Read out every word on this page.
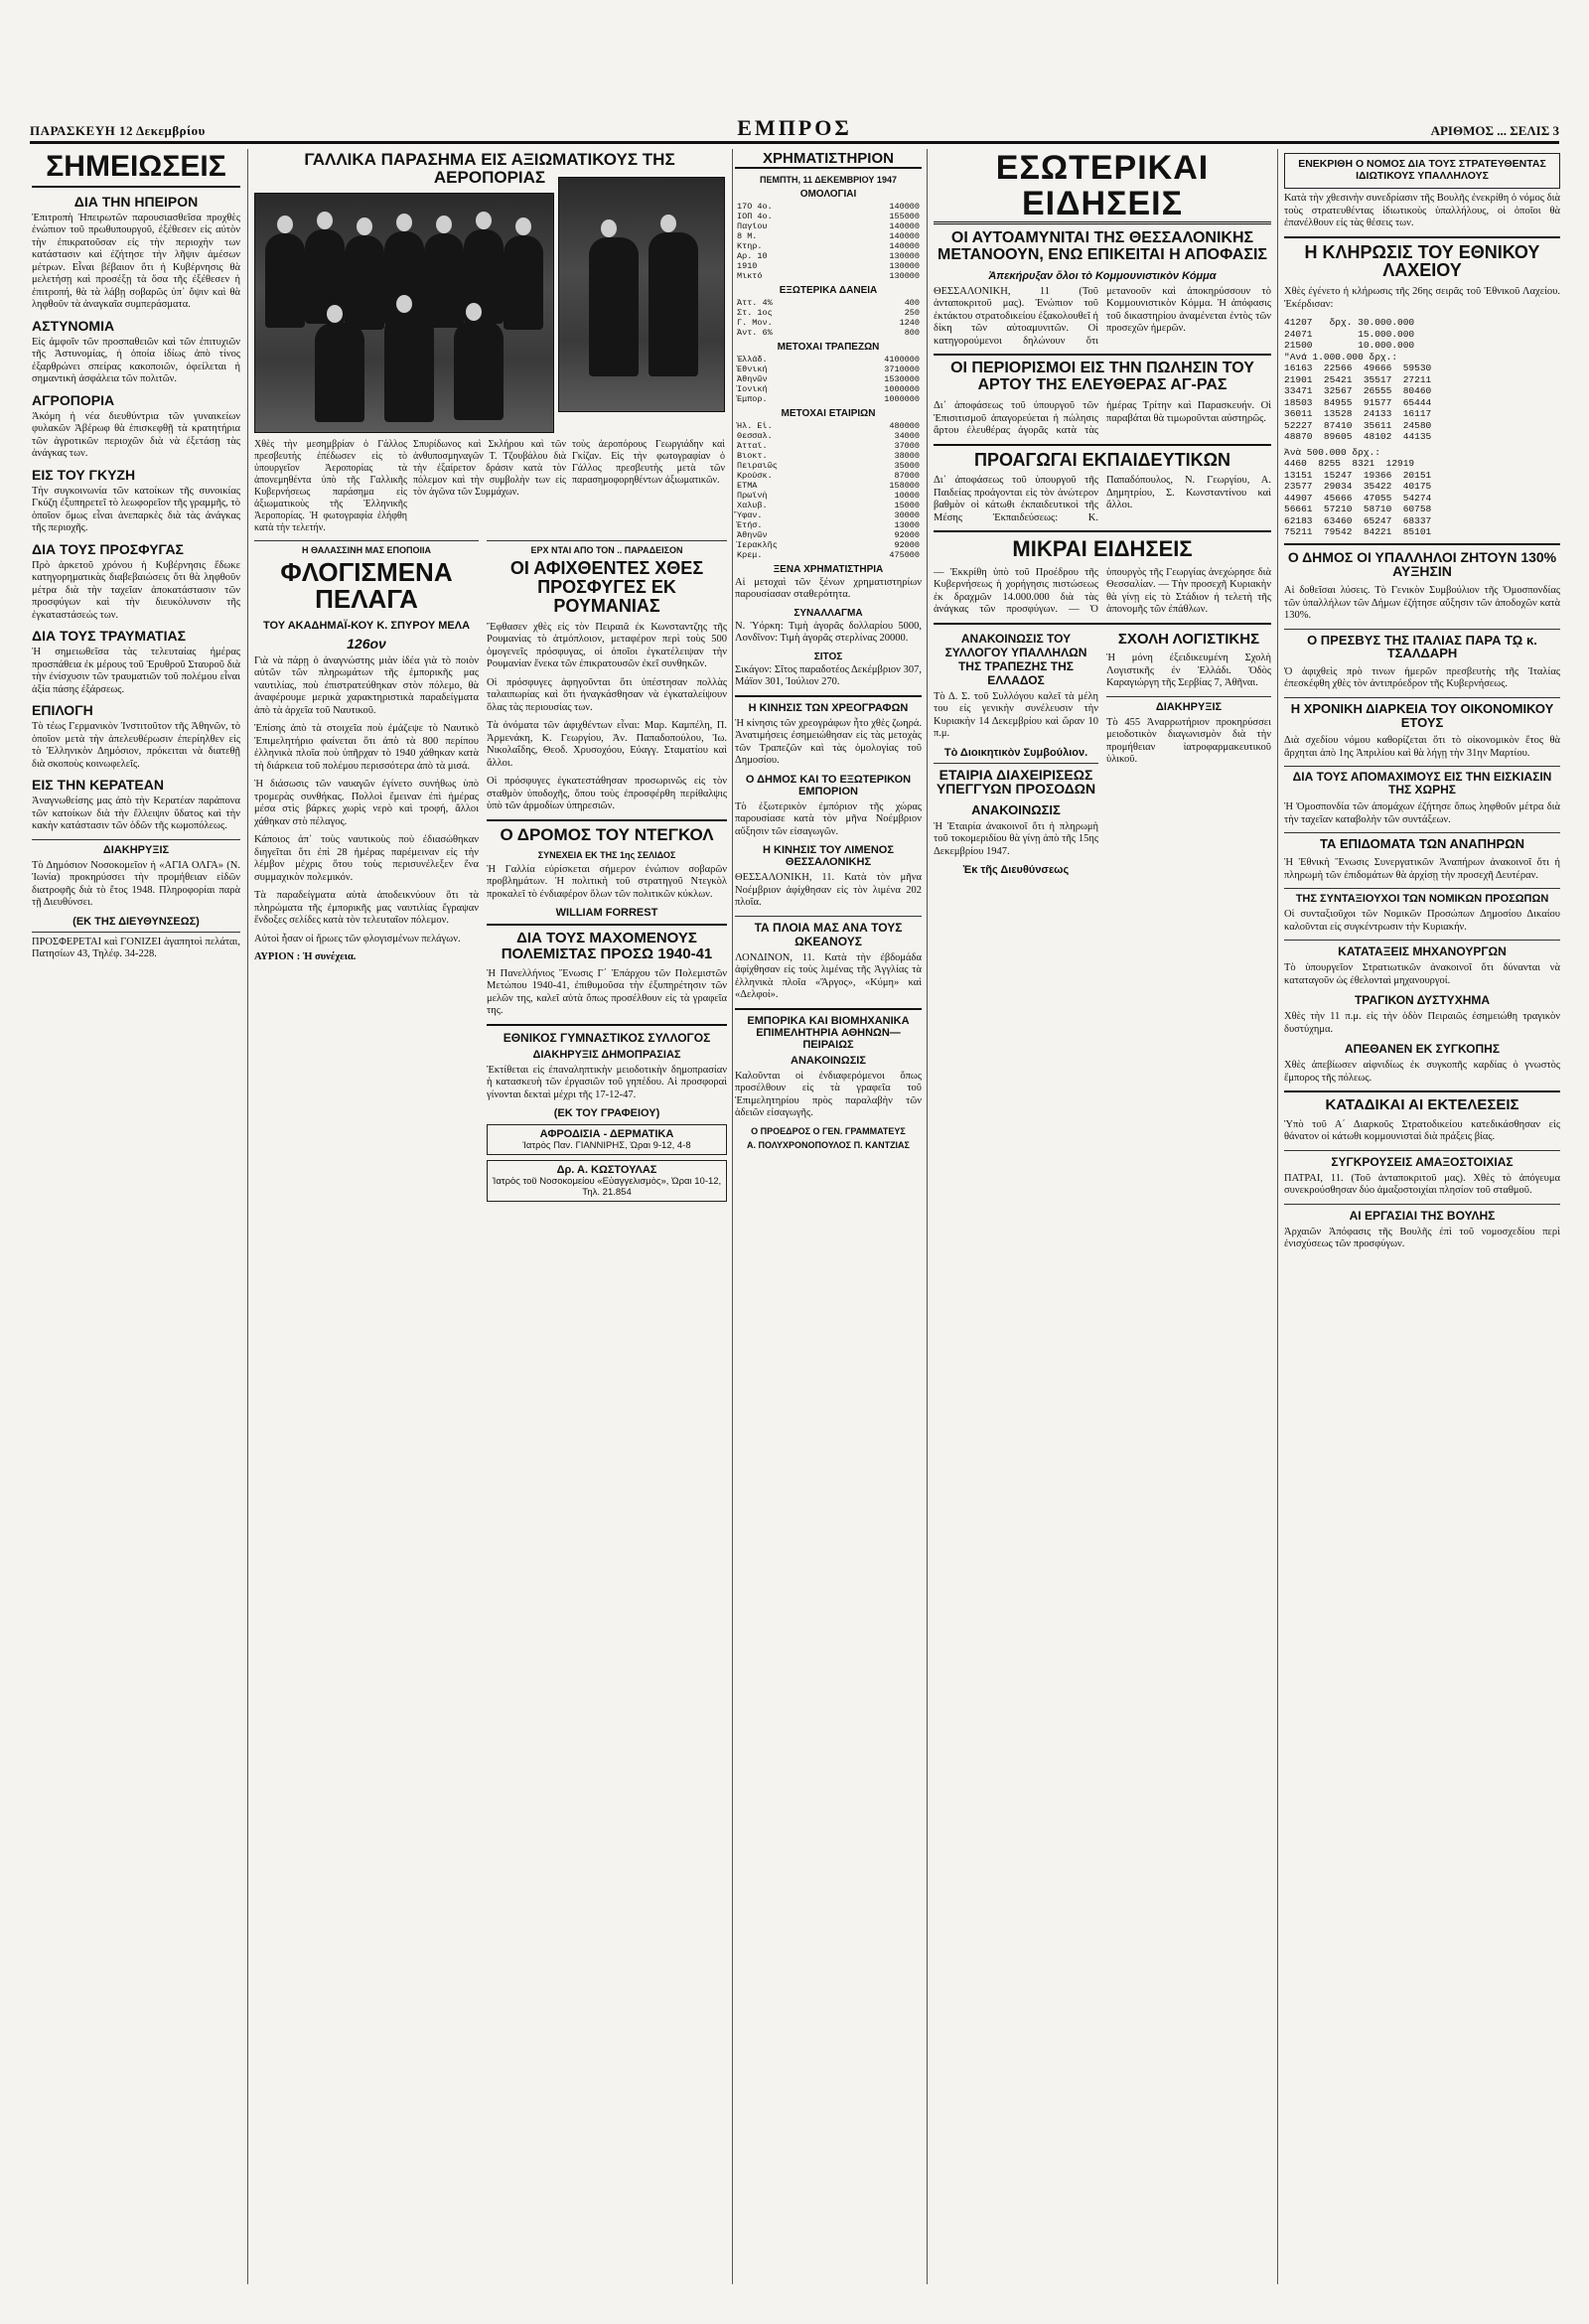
ΠΑΡΑΣΚΕΥΗ 12 Δεκεμβρίου	ΕΜΠΡΟΣ	ΑΡΙΘΜΟΣ ... ΣΕΛΙΣ 3
ΣΗΜΕΙΩΣΕΙΣ
ΔΙΑ ΤΗΝ ΗΠΕΙΡΟΝ

Ἐπιτροπὴ Ἠπειρωτῶν παρουσιασθεῖσα προχθὲς ἐνώπιον τοῦ πρωθυπουργοῦ, ἐξέθεσεν εἰς αὐτὸν τὴν ἐπικρατοῦσαν εἰς τὴν περιοχὴν των κατάστασιν καὶ ἐζήτησε τὴν λῆψιν ἀμέσων μέτρων. Εἶναι βέβαιον ὅτι ἡ Κυβέρνησις θὰ μελετήσῃ καὶ προσέξῃ τὰ ὅσα τῆς ἐξέθεσεν ἡ ἐπιτροπή, θὰ τὰ λάβῃ σοβαρῶς ὑπ᾿ ὄψιν καὶ θὰ ληφθοῦν τὰ ἀναγκαῖα συμπεράσματα.

ΑΣΤΥΝΟΜΙΑ

Εἰς ἀμφοῖν τῶν προσπαθειῶν καὶ τῶν ἐπιτυχιῶν τῆς Ἀστυνομίας, ἡ ὁποία ἰδίως ἀπὸ τίνος ἐξαρθρώνει σπείρας κακοποιῶν, ὀφείλεται ἡ σημαντικὴ ἀσφάλεια τῶν πολιτῶν.

ΑΓΡΟΠΟΡΙΑ

Ἀκόμη ἡ νέα διευθύντρια τῶν γυναικείων φυλακῶν Ἀβέρωφ θὰ ἐπισκεφθῇ τὰ κρατητήρια τῶν ἀγροτικῶν περιοχῶν διὰ νὰ ἐξετάσῃ τὰς ἀνάγκας των.

ΕΙΣ ΤΟΥ ΓΚΥΖΗ

Τὴν συγκοινωνία τῶν κατοίκων τῆς συνοικίας Γκύζη ἐξυπηρετεῖ τὸ λεωφορεῖον τῆς γραμμῆς, τὸ ὁποῖον ὅμως εἶναι ἀνεπαρκὲς διὰ τὰς ἀνάγκας τῆς περιοχῆς.

ΔΙΑ ΤΟΥΣ ΠΡΟΣΦΥΓΑΣ

Πρὸ ἀρκετοῦ χρόνου ἡ Κυβέρνησις ἔδωκε κατηγορηματικὰς διαβεβαιώσεις ὅτι θὰ ληφθοῦν μέτρα διὰ τὴν ταχεῖαν ἀποκατάστασιν τῶν προσφύγων καὶ τὴν διευκόλυνσιν τῆς ἐγκαταστάσεώς των.

ΔΙΑ ΤΟΥΣ ΤΡΑΥΜΑΤΙΑΣ

Ἡ σημειωθεῖσα τὰς τελευταίας ἡμέρας προσπάθεια ἐκ μέρους τοῦ Ἐρυθροῦ Σταυροῦ διὰ τὴν ἐνίσχυσιν τῶν τραυματιῶν τοῦ πολέμου εἶναι ἀξία πάσης ἐξάρσεως.

ΕΠΙΛΟΓΗ

Τὸ τέως Γερμανικὸν Ἰνστιτοῦτον τῆς Ἀθηνῶν, τὸ ὁποῖον μετὰ τὴν ἀπελευθέρωσιν ἐπερίηλθεν εἰς τὸ Ἑλληνικὸν Δημόσιον, πρόκειται νὰ διατεθῇ διὰ σκοποὺς κοινωφελεῖς.

ΕΙΣ ΤΗΝ ΚΕΡΑΤΕΑΝ

Ἀναγνωθείσης μας ἀπὸ τὴν Κερατέαν παράπονα τῶν κατοίκων διὰ τὴν ἔλλειψιν ὕδατος καὶ τὴν κακὴν κατάστασιν τῶν ὁδῶν τῆς κωμοπόλεως.

ΔΙΑΚΗΡΥΞΙΣ

Τὸ Δημόσιον Νοσοκομεῖον ἡ «ΑΓΙΑ ΟΛΓΑ» (Ν. Ἰωνία) προκηρύσσει τὴν προμήθειαν εἰδῶν διατροφῆς διὰ τὸ ἔτος 1948. Πληροφορίαι παρὰ τῇ Διευθύνσει.

(ΕΚ ΤΗΣ ΔΙΕΥΘΥΝΣΕΩΣ)

ΠΡΟΣΦΕΡΕΤΑΙ καὶ ΓΟΝΙΖΕΙ ἀγαπητοὶ πελάται, Πατησίων 43, Τηλέφ. 34-228.

ΓΑΛΛΙΚΑ ΠΑΡΑΣΗΜΑ ΕΙΣ ΑΞΙΩΜΑΤΙΚΟΥΣ ΤΗΣ ΑΕΡΟΠΟΡΙΑΣ
Χθὲς τὴν μεσημβρίαν ὁ Γάλλος πρεσβευτὴς ἐπέδωσεν εἰς τὸ ὑπουργεῖον Ἀεροπορίας τὰ ἀπονεμηθέντα ὑπὸ τῆς Γαλλικῆς Κυβερνήσεως παράσημα εἰς ἀξιωματικοὺς τῆς Ἑλληνικῆς Ἀεροπορίας. Ἡ φωτογραφία ἐλήφθη κατὰ τὴν τελετήν.
Σπυρίδωνος καὶ Σκλήρου καὶ τῶν ἀνθυποσμηναγῶν Τ. Τζουβάλου διὰ τὴν ἐξαίρετον δράσιν κατὰ τὸν πόλεμον καὶ τὴν συμβολὴν των εἰς τὸν ἀγῶνα τῶν Συμμάχων.
τοὺς ἀεροπόρους Γεωργιάδην καὶ Γκίζαν. Εἰς τὴν φωτογραφίαν ὁ Γάλλος πρεσβευτὴς μετὰ τῶν παρασημοφορηθέντων ἀξιωματικῶν.
Η ΘΑΛΑΣΣΙΝΗ ΜΑΣ ΕΠΟΠΟΙΙΑ
ΦΛΟΓΙΣΜΕΝΑ ΠΕΛΑΓΑ
ΤΟΥ ΑΚΑΔΗΜΑΪ-ΚΟΥ Κ. ΣΠΥΡΟΥ ΜΕΛΑ
126ον

Γιὰ νὰ πάρῃ ὁ ἀναγνώστης μιὰν ἰδέα γιὰ τὸ ποιὸν αὐτῶν τῶν πληρωμάτων τῆς ἐμπορικῆς μας ναυτιλίας, ποὺ ἐπιστρατεύθηκαν στὸν πόλεμο, θὰ ἀναφέρουμε μερικὰ χαρακτηριστικὰ παραδείγματα ἀπὸ τὰ ἀρχεῖα τοῦ Ναυτικοῦ.

Ἐπίσης ἀπὸ τὰ στοιχεῖα ποὺ ἐμάζεψε τὸ Ναυτικὸ Ἐπιμελητήριο φαίνεται ὅτι ἀπὸ τὰ 800 περίπου ἑλληνικὰ πλοῖα ποὺ ὑπῆρχαν τὸ 1940 χάθηκαν κατὰ τὴ διάρκεια τοῦ πολέμου περισσότερα ἀπὸ τὰ μισά.

Ἡ διάσωσις τῶν ναυαγῶν ἐγίνετο συνήθως ὑπὸ τρομερὰς συνθήκας. Πολλοὶ ἔμειναν ἐπὶ ἡμέρας μέσα στὶς βάρκες χωρὶς νερὸ καὶ τροφή, ἄλλοι χάθηκαν στὸ πέλαγος.

Κάποιος ἀπ᾿ τοὺς ναυτικοὺς ποὺ ἐδιασώθηκαν διηγεῖται ὅτι ἐπὶ 28 ἡμέρας παρέμειναν εἰς τὴν λέμβον μέχρις ὅτου τοὺς περισυνέλεξεν ἕνα συμμαχικὸν πολεμικόν.

Τὰ παραδείγματα αὐτὰ ἀποδεικνύουν ὅτι τὰ πληρώματα τῆς ἐμπορικῆς μας ναυτιλίας ἔγραψαν ἔνδοξες σελίδες κατὰ τὸν τελευταῖον πόλεμον.

Αὐτοὶ ἦσαν οἱ ἥρωες τῶν φλογισμένων πελάγων.

ΑΥΡΙΟΝ : Ἡ συνέχεια.

ΕΡΧ ΝΤΑΙ ΑΠΟ ΤΟΝ .. ΠΑΡΑΔΕΙΣΟΝ
ΟΙ ΑΦΙΧΘΕΝΤΕΣ ΧΘΕΣ ΠΡΟΣΦΥΓΕΣ ΕΚ ΡΟΥΜΑΝΙΑΣ

Ἔφθασεν χθὲς εἰς τὸν Πειραιᾶ ἐκ Κωνσταντζης τῆς Ρουμανίας τὸ ἀτμόπλοιον, μεταφέρον περὶ τοὺς 500 ὁμογενεῖς πρόσφυγας, οἱ ὁποῖοι ἐγκατέλειψαν τὴν Ρουμανίαν ἕνεκα τῶν ἐπικρατουσῶν ἐκεῖ συνθηκῶν.

Οἱ πρόσφυγες ἀφηγοῦνται ὅτι ὑπέστησαν πολλὰς ταλαιπωρίας καὶ ὅτι ἠναγκάσθησαν νὰ ἐγκαταλείψουν ὅλας τὰς περιουσίας των.

Τὰ ὀνόματα τῶν ἀφιχθέντων εἶναι: Μαρ. Καμπέλη, Π. Ἀρμενάκη, Κ. Γεωργίου, Ἀν. Παπαδοπούλου, Ἰω. Νικολαΐδης, Θεοδ. Χρυσοχόου, Εὐαγγ. Σταματίου καὶ ἄλλοι.

Οἱ πρόσφυγες ἐγκατεστάθησαν προσωρινῶς εἰς τὸν σταθμὸν ὑποδοχῆς, ὅπου τοὺς ἐπροσφέρθη περίθαλψις ὑπὸ τῶν ἁρμοδίων ὑπηρεσιῶν.

Ο ΔΡΟΜΟΣ ΤΟΥ ΝΤΕΓΚΟΛ
ΣΥΝΕΧΕΙΑ ΕΚ ΤΗΣ 1ης ΣΕΛΙΔΟΣ

Ἡ Γαλλία εὑρίσκεται σήμερον ἐνώπιον σοβαρῶν προβλημάτων. Ἡ πολιτικὴ τοῦ στρατηγοῦ Ντεγκὸλ προκαλεῖ τὸ ἐνδιαφέρον ὅλων τῶν πολιτικῶν κύκλων.

WILLIAM FORREST
ΔΙΑ ΤΟΥΣ ΜΑΧΟΜΕΝΟΥΣ ΠΟΛΕΜΙΣΤΑΣ ΠΡΟΣΩ 1940-41

Ἡ Πανελλήνιος Ἕνωσις Γ΄ Ἐπάρχου τῶν Πολεμιστῶν Μετώπου 1940-41, ἐπιθυμοῦσα τὴν ἐξυπηρέτησιν τῶν μελῶν της, καλεῖ αὐτὰ ὅπως προσέλθουν εἰς τὰ γραφεῖα της.

ΕΘΝΙΚΟΣ ΓΥΜΝΑΣΤΙΚΟΣ ΣΥΛΛΟΓΟΣ
ΔΙΑΚΗΡΥΞΙΣ ΔΗΜΟΠΡΑΣΙΑΣ

Ἐκτίθεται εἰς ἐπαναληπτικὴν μειοδοτικὴν δημοπρασίαν ἡ κατασκευὴ τῶν ἐργασιῶν τοῦ γηπέδου. Αἱ προσφοραὶ γίνονται δεκταὶ μέχρι τῆς 17-12-47.

(ΕΚ ΤΟΥ ΓΡΑΦΕΙΟΥ)
ΑΦΡΟΔΙΣΙΑ - ΔΕΡΜΑΤΙΚΑ
Ἰατρὸς Παν. ΓΙΑΝΝΙΡΗΣ, Ὡραι 9-12, 4-8
Δρ. Α. ΚΩΣΤΟΥΛΑΣ
Ἰατρὸς τοῦ Νοσοκομείου «Εὐαγγελισμὸς», Ὡραι 10-12, Τηλ. 21.854
ΧΡΗΜΑΤΙΣΤΗΡΙΟΝ
ΠΕΜΠΤΗ, 11 ΔΕΚΕΜΒΡΙΟΥ 1947
ΟΜΟΛΟΓΙΑΙ
17Ο 4ο.	140000
ΙΟΠ 4ο.	155000
Παγίου	140000
8 Μ.	140000
Κτηρ.	140000
Αρ. 10	130000
1910	130000
Μικτό	130000
ΕΞΩΤΕΡΙΚΑ ΔΑΝΕΙΑ
Ἀττ. 4%	400
Στ. 1ος	250
Γ. Μον.	1240
Ἀντ. 6%	800
ΜΕΤΟΧΑΙ ΤΡΑΠΕΖΩΝ
Ἑλλάδ.	4100000
Ἐθνική	3710000
Ἀθηνῶν	1530000
Ἰονική	1000000
Ἐμπορ.	1000000
ΜΕΤΟΧΑΙ ΕΤΑΙΡΙΩΝ
Ἠλ. Εἰ.	480000
Θεσσαλ.	34000
Ἀτταϊ.	37000
Βιοκτ.	38000
Πειραιῶς	35000
Κρούσκ.	87000
ΕΤΜΑ	158000
Πρωϊνὴ	10000
Χαλυβ.	15000
Ὕφαν.	30000
Ἐτήσ.	13000
Ἀθηνῶν	92000
Ἱερακλῆς	92000
Κρεμ.	475000
ΞΕΝΑ ΧΡΗΜΑΤΙΣΤΗΡΙΑ

Αἱ μετοχαὶ τῶν ξένων χρηματιστηρίων παρουσίασαν σταθερότητα.

ΣΥΝΑΛΛΑΓΜΑ

Ν. Ὑόρκη: Τιμὴ ἀγορᾶς δολλαρίου 5000, Λονδῖνον: Τιμὴ ἀγορᾶς στερλίνας 20000.

ΣΙΤΟΣ

Σικάγον: Σῖτος παραδοτέος Δεκέμβριον 307, Μάϊον 301, Ἰούλιον 270.

Η ΚΙΝΗΣΙΣ ΤΩΝ ΧΡΕΟΓΡΑΦΩΝ

Ἡ κίνησις τῶν χρεογράφων ἦτο χθὲς ζωηρά. Ἀνατιμήσεις ἐσημειώθησαν εἰς τὰς μετοχὰς τῶν Τραπεζῶν καὶ τὰς ὁμολογίας τοῦ Δημοσίου.

Ο ΔΗΜΟΣ ΚΑΙ ΤΟ ΕΞΩΤΕΡΙΚΟΝ ΕΜΠΟΡΙΟΝ

Τὸ ἐξωτερικὸν ἐμπόριον τῆς χώρας παρουσίασε κατὰ τὸν μῆνα Νοέμβριον αὔξησιν τῶν εἰσαγωγῶν.

Η ΚΙΝΗΣΙΣ ΤΟΥ ΛΙΜΕΝΟΣ ΘΕΣΣΑΛΟΝΙΚΗΣ

ΘΕΣΣΑΛΟΝΙΚΗ, 11. Κατὰ τὸν μῆνα Νοέμβριον ἀφίχθησαν εἰς τὸν λιμένα 202 πλοῖα.

ΤΑ ΠΛΟΙΑ ΜΑΣ ΑΝΑ ΤΟΥΣ ΩΚΕΑΝΟΥΣ

ΛΟΝΔΙΝΟΝ, 11. Κατὰ τὴν ἐβδομάδα ἀφίχθησαν εἰς τοὺς λιμένας τῆς Ἀγγλίας τὰ ἑλληνικὰ πλοῖα «Ἄργος», «Κύμη» καὶ «Δελφοί».

ΕΜΠΟΡΙΚΑ ΚΑΙ ΒΙΟΜΗΧΑΝΙΚΑ ΕΠΙΜΕΛΗΤΗΡΙΑ ΑΘΗΝΩΝ—ΠΕΙΡΑΙΩΣ
ΑΝΑΚΟΙΝΩΣΙΣ

Καλοῦνται οἱ ἐνδιαφερόμενοι ὅπως προσέλθουν εἰς τὰ γραφεῖα τοῦ Ἐπιμελητηρίου πρὸς παραλαβὴν τῶν ἀδειῶν εἰσαγωγῆς.

Ο ΠΡΟΕΔΡΟΣ Ο ΓΕΝ. ΓΡΑΜΜΑΤΕΥΣ
Α. ΠΟΛΥΧΡΟΝΟΠΟΥΛΟΣ Π. ΚΑΝΤΖΙΑΣ
ΕΣΩΤΕΡΙΚΑΙ ΕΙΔΗΣΕΙΣ
ΟΙ ΑΥΤΟΑΜΥΝΙΤΑΙ ΤΗΣ ΘΕΣΣΑΛΟΝΙΚΗΣ ΜΕΤΑΝΟΟΥΝ, ΕΝΩ ΕΠΙΚΕΙΤΑΙ Η ΑΠΟΦΑΣΙΣ
Ἀπεκήρυξαν ὅλοι τὸ Κομμουνιστικὸν Κόμμα

ΘΕΣΣΑΛΟΝΙΚΗ, 11 (Τοῦ ἀνταποκριτοῦ μας). Ἐνώπιον τοῦ ἐκτάκτου στρατοδικείου ἐξακολουθεῖ ἡ δίκη τῶν αὐτοαμυνιτῶν. Οἱ κατηγορούμενοι δηλώνουν ὅτι μετανοοῦν καὶ ἀποκηρύσσουν τὸ Κομμουνιστικὸν Κόμμα. Ἡ ἀπόφασις τοῦ δικαστηρίου ἀναμένεται ἐντὸς τῶν προσεχῶν ἡμερῶν.

ΟΙ ΠΕΡΙΟΡΙΣΜΟΙ ΕΙΣ ΤΗΝ ΠΩΛΗΣΙΝ ΤΟΥ ΑΡΤΟΥ ΤΗΣ ΕΛΕΥΘΕΡΑΣ ΑΓ-ΡΑΣ

Δι᾿ ἀποφάσεως τοῦ ὑπουργοῦ τῶν Ἐπισιτισμοῦ ἀπαγορεύεται ἡ πώλησις ἄρτου ἐλευθέρας ἀγορᾶς κατὰ τὰς ἡμέρας Τρίτην καὶ Παρασκευήν. Οἱ παραβάται θὰ τιμωροῦνται αὐστηρῶς.

ΠΡΟΑΓΩΓΑΙ ΕΚΠΑΙΔΕΥΤΙΚΩΝ

Δι᾿ ἀποφάσεως τοῦ ὑπουργοῦ τῆς Παιδείας προάγονται εἰς τὸν ἀνώτερον βαθμὸν οἱ κάτωθι ἐκπαιδευτικοὶ τῆς Μέσης Ἐκπαιδεύσεως: Κ. Παπαδόπουλος, Ν. Γεωργίου, Α. Δημητρίου, Σ. Κωνσταντίνου καὶ ἄλλοι.

ΜΙΚΡΑΙ ΕΙΔΗΣΕΙΣ

— Ἐκκρίθη ὑπὸ τοῦ Προέδρου τῆς Κυβερνήσεως ἡ χορήγησις πιστώσεως ἐκ δραχμῶν 14.000.000 διὰ τὰς ἀνάγκας τῶν προσφύγων. — Ὁ ὑπουργὸς τῆς Γεωργίας ἀνεχώρησε διὰ Θεσσαλίαν. — Τὴν προσεχῆ Κυριακὴν θὰ γίνῃ εἰς τὸ Στάδιον ἡ τελετὴ τῆς ἀπονομῆς τῶν ἐπάθλων.

ΑΝΑΚΟΙΝΩΣΙΣ ΤΟΥ ΣΥΛΛΟΓΟΥ ΥΠΑΛΛΗΛΩΝ ΤΗΣ ΤΡΑΠΕΖΗΣ ΤΗΣ ΕΛΛΑΔΟΣ

Τὸ Δ. Σ. τοῦ Συλλόγου καλεῖ τὰ μέλη του εἰς γενικὴν συνέλευσιν τὴν Κυριακὴν 14 Δεκεμβρίου καὶ ὥραν 10 π.μ.

Τὸ Διοικητικὸν Συμβούλιον.
ΕΤΑΙΡΙΑ ΔΙΑΧΕΙΡΙΣΕΩΣ ΥΠΕΓΓΥΩΝ ΠΡΟΣΟΔΩΝ
ΑΝΑΚΟΙΝΩΣΙΣ

Ἡ Ἑταιρία ἀνακοινοῖ ὅτι ἡ πληρωμὴ τοῦ τοκομεριδίου θὰ γίνῃ ἀπὸ τῆς 15ης Δεκεμβρίου 1947.

Ἐκ τῆς Διευθύνσεως
ΣΧΟΛΗ ΛΟΓΙΣΤΙΚΗΣ

Ἡ μόνη ἐξειδικευμένη Σχολὴ Λογιστικῆς ἐν Ἑλλάδι. Ὁδὸς Καραγιώργη τῆς Σερβίας 7, Ἀθῆναι.

ΔΙΑΚΗΡΥΞΙΣ

Τὸ 455 Ἀναρρωτήριον προκηρύσσει μειοδοτικὸν διαγωνισμὸν διὰ τὴν προμήθειαν ἰατροφαρμακευτικοῦ ὑλικοῦ.

ΕΝΕΚΡΙΘΗ Ο ΝΟΜΟΣ ΔΙΑ ΤΟΥΣ ΣΤΡΑΤΕΥΘΕΝΤΑΣ ΙΔΙΩΤΙΚΟΥΣ ΥΠΑΛΛΗΛΟΥΣ

Κατὰ τὴν χθεσινὴν συνεδρίασιν τῆς Βουλῆς ἐνεκρίθη ὁ νόμος διὰ τοὺς στρατευθέντας ἰδιωτικοὺς ὑπαλλήλους, οἱ ὁποῖοι θὰ ἐπανέλθουν εἰς τὰς θέσεις των.

Η ΚΛΗΡΩΣΙΣ ΤΟΥ ΕΘΝΙΚΟΥ ΛΑΧΕΙΟΥ

Χθὲς ἐγένετο ἡ κλήρωσις τῆς 26ης σειρᾶς τοῦ Ἐθνικοῦ Λαχείου. Ἐκέρδισαν:

41207   δρχ. 30.000.000
24071        15.000.000
21500        10.000.000
"Ανά 1.000.000 δρχ.:
16163  22566  49666  59530
21901  25421  35517  27211
33471  32567  26555  80460
18503  84955  91577  65444
36011  13528  24133  16117
52227  87410  35611  24580
48870  89605  48102  44135
Ἀνὰ 500.000 δρχ.:
4460  8255  8321  12919
13151  15247  19366  20151
23577  29034  35422  40175
44907  45666  47055  54274
56661  57210  58710  60758
62183  63460  65247  68337
75211  79542  84221  85101
Ο ΔΗΜΟΣ ΟΙ ΥΠΑΛΛΗΛΟΙ ΖΗΤΟΥΝ 130% ΑΥΞΗΣΙΝ

Αἱ δοθεῖσαι λύσεις. Τὸ Γενικὸν Συμβούλιον τῆς Ὁμοσπονδίας τῶν ὑπαλλήλων τῶν Δήμων ἐζήτησε αὔξησιν τῶν ἀποδοχῶν κατὰ 130%.

Ο ΠΡΕΣΒΥΣ ΤΗΣ ΙΤΑΛΙΑΣ ΠΑΡΑ Τῼ κ. ΤΣΑΛΔΑΡΗ

Ὁ ἀφιχθεὶς πρὸ τινων ἡμερῶν πρεσβευτὴς τῆς Ἰταλίας ἐπεσκέφθη χθὲς τὸν ἀντιπρόεδρον τῆς Κυβερνήσεως.

Η ΧΡΟΝΙΚΗ ΔΙΑΡΚΕΙΑ ΤΟΥ ΟΙΚΟΝΟΜΙΚΟΥ ΕΤΟΥΣ

Διὰ σχεδίου νόμου καθορίζεται ὅτι τὸ οἰκονομικὸν ἔτος θὰ ἄρχηται ἀπὸ 1ης Ἀπριλίου καὶ θὰ λήγῃ τὴν 31ην Μαρτίου.

ΔΙΑ ΤΟΥΣ ΑΠΟΜΑΧΙΜΟΥΣ ΕΙΣ ΤΗΝ ΕΙΣΚΙΑΣΙΝ ΤΗΣ ΧΩΡΗΣ

Ἡ Ὁμοσπονδία τῶν ἀπομάχων ἐζήτησε ὅπως ληφθοῦν μέτρα διὰ τὴν ταχεῖαν καταβολὴν τῶν συντάξεων.

ΤΑ ΕΠΙΔΟΜΑΤΑ ΤΩΝ ΑΝΑΠΗΡΩΝ

Ἡ Ἐθνικὴ Ἕνωσις Συνεργατικῶν Ἀναπήρων ἀνακοινοῖ ὅτι ἡ πληρωμὴ τῶν ἐπιδομάτων θὰ ἀρχίσῃ τὴν προσεχῆ Δευτέραν.

ΤΗΣ ΣΥΝΤΑΞΙΟΥΧΟΙ ΤΩΝ ΝΟΜΙΚΩΝ ΠΡΟΣΩΠΩΝ

Οἱ συνταξιοῦχοι τῶν Νομικῶν Προσώπων Δημοσίου Δικαίου καλοῦνται εἰς συγκέντρωσιν τὴν Κυριακήν.

ΚΑΤΑΤΑΞΕΙΣ ΜΗΧΑΝΟΥΡΓΩΝ

Τὸ ὑπουργεῖον Στρατιωτικῶν ἀνακοινοῖ ὅτι δύνανται νὰ καταταγοῦν ὡς ἐθελονταὶ μηχανουργοί.

ΤΡΑΓΙΚΟΝ ΔΥΣΤΥΧΗΜΑ

Χθὲς τὴν 11 π.μ. εἰς τὴν ὁδὸν Πειραιῶς ἐσημειώθη τραγικὸν δυστύχημα.

ΑΠΕΘΑΝΕΝ ΕΚ ΣΥΓΚΟΠΗΣ

Χθὲς ἀπεβίωσεν αἰφνιδίως ἐκ συγκοπῆς καρδίας ὁ γνωστὸς ἔμπορος τῆς πόλεως.

ΚΑΤΑΔΙΚΑΙ ΑΙ ΕΚΤΕΛΕΣΕΙΣ

Ὑπὸ τοῦ Α΄ Διαρκοῦς Στρατοδικείου κατεδικάσθησαν εἰς θάνατον οἱ κάτωθι κομμουνισταὶ διὰ πράξεις βίας.

ΣΥΓΚΡΟΥΣΕΙΣ ΑΜΑΞΟΣΤΟΙΧΙΑΣ

ΠΑΤΡΑΙ, 11. (Τοῦ ἀνταποκριτοῦ μας). Χθὲς τὸ ἀπόγευμα συνεκρούσθησαν δύο ἀμαξοστοιχίαι πλησίον τοῦ σταθμοῦ.

ΑΙ ΕΡΓΑΣΙΑΙ ΤΗΣ ΒΟΥΛΗΣ

Ἀρχαιῶν Ἀπόφασις τῆς Βουλῆς ἐπὶ τοῦ νομοσχεδίου περὶ ἐνισχύσεως τῶν προσφύγων.
